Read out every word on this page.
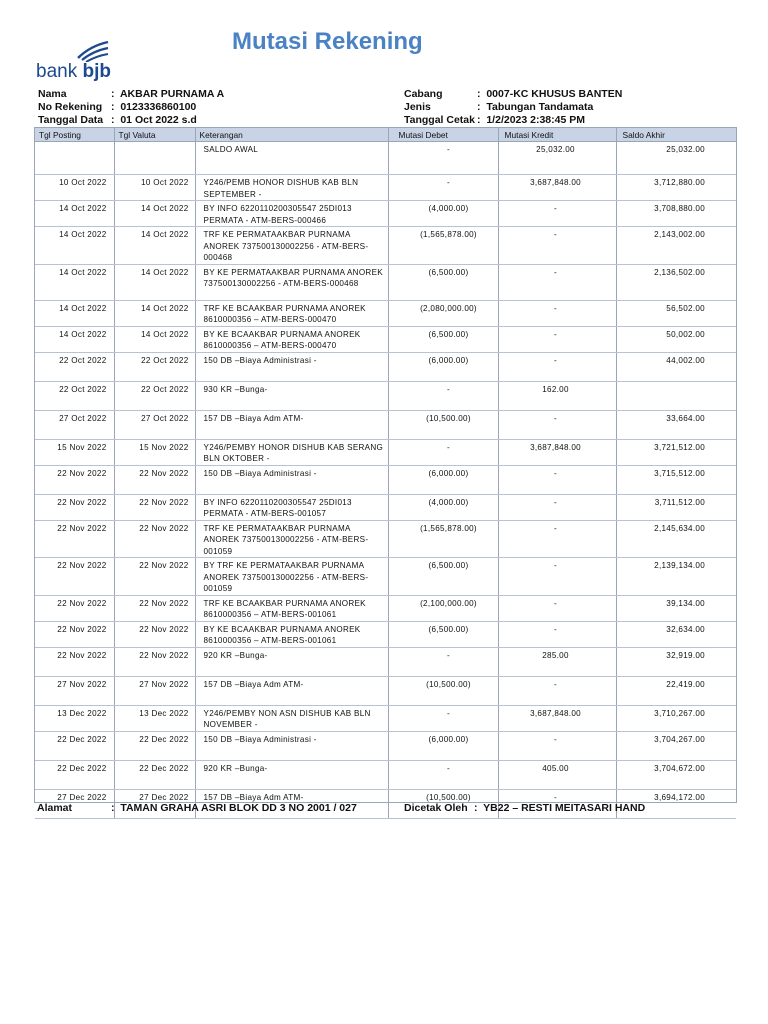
bank bjb
Mutasi Rekening
Nama	: AKBAR PURNAMA A
No Rekening : 0123336860100
Tanggal Data : 01 Oct 2022 s.d
Cabang	: 0007-KC KHUSUS BANTEN
Jenis	: Tabungan Tandamata
Tanggal Cetak : 1/2/2023 2:38:45 PM
Tgl Posting	Tgl Valuta	Keterangan	Mutasi Debet	Mutasi Kredit	Saldo Akhir
		SALDO AWAL	-	25,032.00	25,032.00
10 Oct 2022	10 Oct 2022	Y246/PEMB HONOR DISHUB KAB BLN SEPTEMBER -	-	3,687,848.00	3,712,880.00
14 Oct 2022	14 Oct 2022	BY INFO 6220110200305547 25DI013 PERMATA - ATM-BERS-000466	(4,000.00)	-	3,708,880.00
14 Oct 2022	14 Oct 2022	TRF KE PERMATAAKBAR PURNAMA ANOREK 737500130002256 - ATM-BERS-000468	(1,565,878.00)	-	2,143,002.00
14 Oct 2022	14 Oct 2022	BY KE PERMATAAKBAR PURNAMA ANOREK 737500130002256 - ATM-BERS-000468	(6,500.00)	-	2,136,502.00
14 Oct 2022	14 Oct 2022	TRF KE BCAAKBAR PURNAMA ANOREK 8610000356 – ATM-BERS-000470	(2,080,000.00)	-	56,502.00
14 Oct 2022	14 Oct 2022	BY KE BCAAKBAR PURNAMA ANOREK 8610000356 – ATM-BERS-000470	(6,500.00)	-	50,002.00
22 Oct 2022	22 Oct 2022	150 DB –Biaya Administrasi -	(6,000.00)	-	44,002.00
22 Oct 2022	22 Oct 2022	930 KR –Bunga-	-	162.00	
27 Oct 2022	27 Oct 2022	157 DB –Biaya Adm ATM-	(10,500.00)	-	33,664.00
15 Nov 2022	15 Nov 2022	Y246/PEMBY HONOR DISHUB KAB SERANG BLN OKTOBER -	-	3,687,848.00	3,721,512.00
22 Nov 2022	22 Nov 2022	150 DB –Biaya Administrasi -	(6,000.00)	-	3,715,512.00
22 Nov 2022	22 Nov 2022	BY INFO 6220110200305547 25DI013 PERMATA - ATM-BERS-001057	(4,000.00)	-	3,711,512.00
22 Nov 2022	22 Nov 2022	TRF KE PERMATAAKBAR PURNAMA ANOREK 737500130002256 - ATM-BERS-001059	(1,565,878.00)	-	2,145,634.00
22 Nov 2022	22 Nov 2022	BY TRF KE PERMATAAKBAR PURNAMA ANOREK 737500130002256 - ATM-BERS-001059	(6,500.00)	-	2,139,134.00
22 Nov 2022	22 Nov 2022	TRF KE BCAAKBAR PURNAMA ANOREK 8610000356 – ATM-BERS-001061	(2,100,000.00)	-	39,134.00
22 Nov 2022	22 Nov 2022	BY KE BCAAKBAR PURNAMA ANOREK 8610000356 – ATM-BERS-001061	(6,500.00)	-	32,634.00
22 Nov 2022	22 Nov 2022	920 KR –Bunga-	-	285.00	32,919.00
27 Nov 2022	27 Nov 2022	157 DB –Biaya Adm ATM-	(10,500.00)	-	22,419.00
13 Dec 2022	13 Dec 2022	Y246/PEMBY NON ASN DISHUB KAB BLN NOVEMBER -	-	3,687,848.00	3,710,267.00
22 Dec 2022	22 Dec 2022	150 DB –Biaya Administrasi -	(6,000.00)	-	3,704,267.00
22 Dec 2022	22 Dec 2022	920 KR –Bunga-	-	405.00	3,704,672.00
27 Dec 2022	27 Dec 2022	157 DB –Biaya Adm ATM-	(10,500.00)	-	3,694,172.00
Alamat	: TAMAN GRAHA ASRI BLOK DD 3 NO 2001 / 027	Dicetak Oleh : YB22 – RESTI MEITASARI HAND
